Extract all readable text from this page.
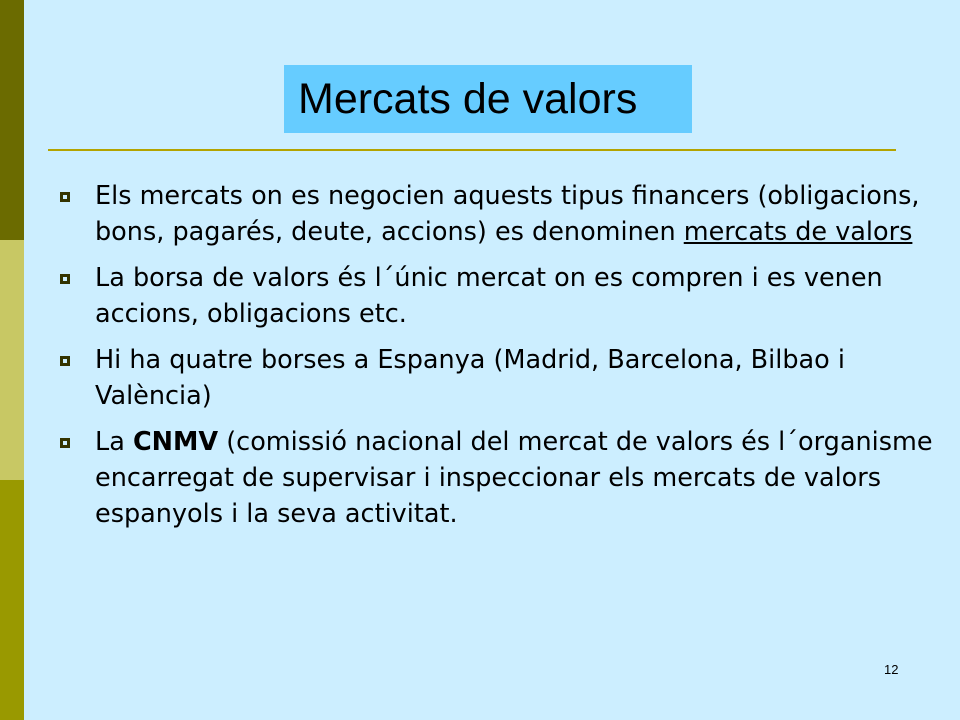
Mercats de valors
Els mercats on es negocien aquests tipus financers (obligacions, bons, pagarés, deute, accions) es denominen mercats de valors
La borsa de valors és l´únic mercat on es compren i es venen accions, obligacions etc.
Hi ha quatre borses a Espanya (Madrid, Barcelona, Bilbao i València)
La CNMV (comissió nacional del mercat de valors és l´organisme encarregat de supervisar i inspeccionar els mercats de valors espanyols i la seva activitat.
12
